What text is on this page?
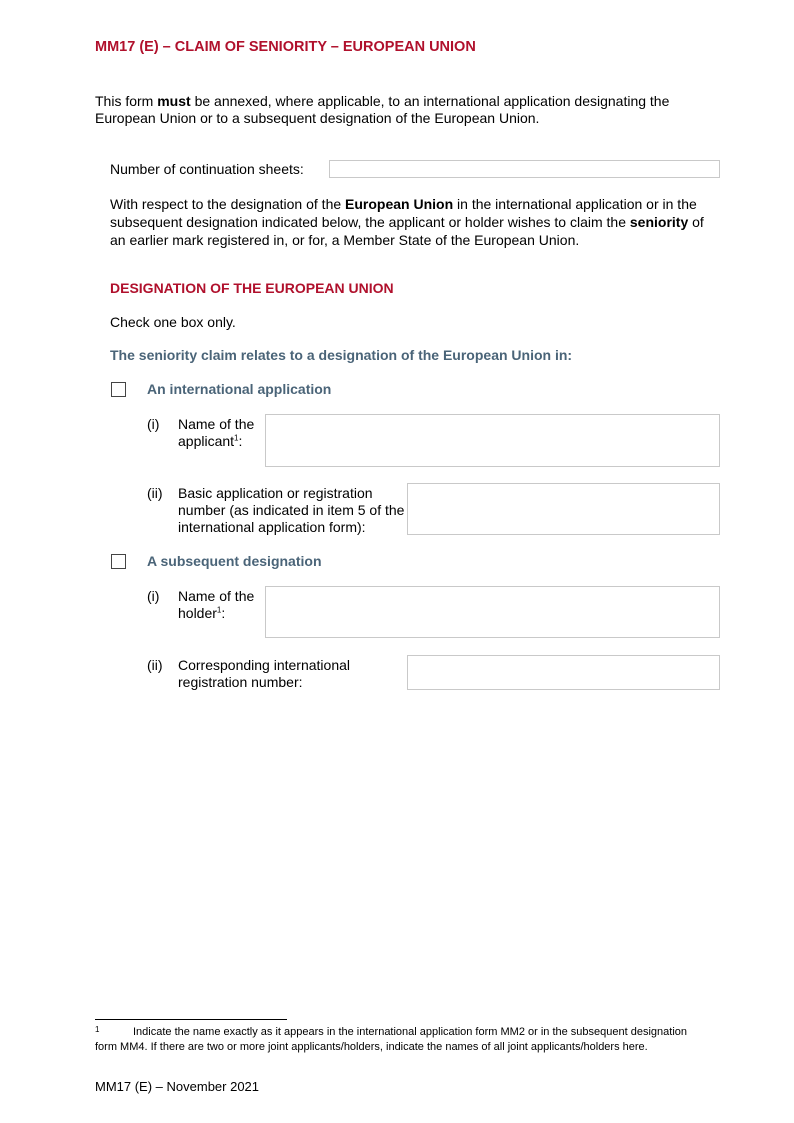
MM17 (E) – CLAIM OF SENIORITY – EUROPEAN UNION
This form must be annexed, where applicable, to an international application designating the European Union or to a subsequent designation of the European Union.
Number of continuation sheets:
With respect to the designation of the European Union in the international application or in the subsequent designation indicated below, the applicant or holder wishes to claim the seniority of an earlier mark registered in, or for, a Member State of the European Union.
DESIGNATION OF THE EUROPEAN UNION
Check one box only.
The seniority claim relates to a designation of the European Union in:
An international application
(i) Name of the applicant$^1$:
(ii) Basic application or registration number (as indicated in item 5 of the international application form):
A subsequent designation
(i) Name of the holder$^1$:
(ii) Corresponding international registration number:
1	Indicate the name exactly as it appears in the international application form MM2 or in the subsequent designation form MM4. If there are two or more joint applicants/holders, indicate the names of all joint applicants/holders here.
MM17 (E) – November 2021
